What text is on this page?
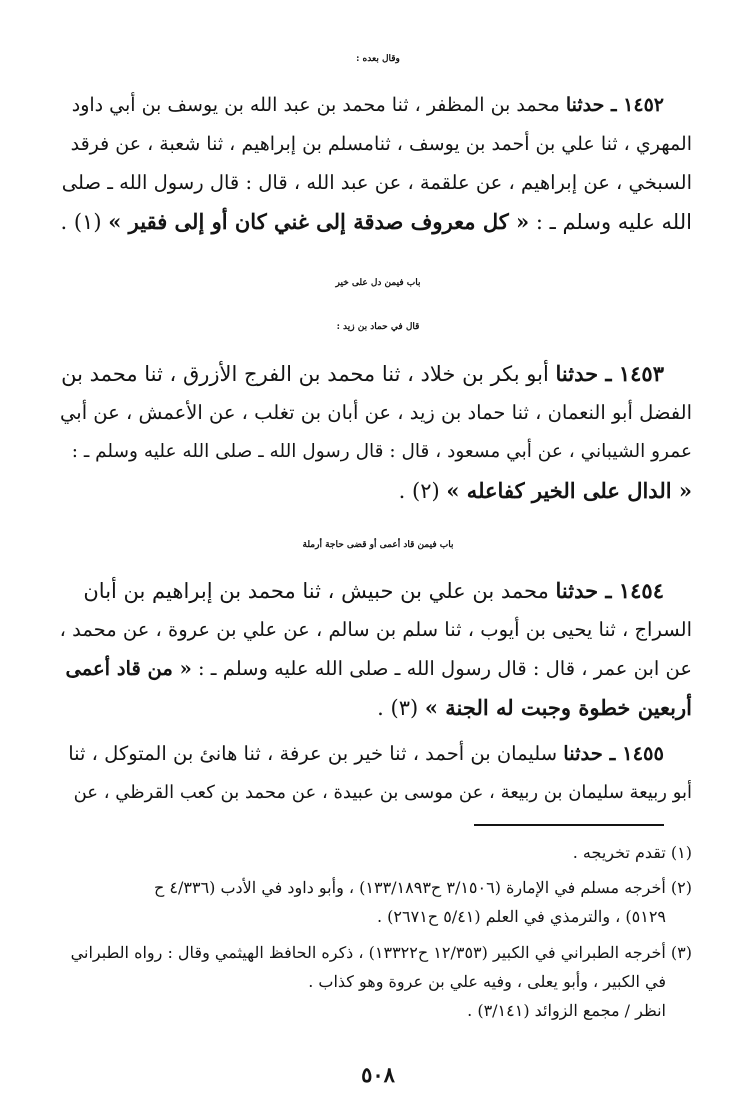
وقال بعده :
١٤٥٢ ـ حدثنا محمد بن المظفر ، ثنا محمد بن عبد الله بن يوسف بن أبي داود
المهري ، ثنا علي بن أحمد بن يوسف ، ثنامسلم بن إبراهيم ، ثنا شعبة ، عن فرقد
السبخي ، عن إبراهيم ، عن علقمة ، عن عبد الله ، قال : قال رسول الله ـ صلى
الله عليه وسلم ـ : « كل معروف صدقة إلى غني كان أو إلى فقير » (١) .
باب فيمن دل على خير
قال في حماد بن زيد :
١٤٥٣ ـ حدثنا أبو بكر بن خلاد ، ثنا محمد بن الفرج الأزرق ، ثنا محمد بن
الفضل أبو النعمان ، ثنا حماد بن زيد ، عن أبان بن تغلب ، عن الأعمش ، عن أبي
عمرو الشيباني ، عن أبي مسعود ، قال : قال رسول الله ـ صلى الله عليه وسلم ـ :
« الدال على الخير كفاعله » (٢) .
باب فيمن قاد أعمى أو قضى حاجة أرملة
١٤٥٤ ـ حدثنا محمد بن علي بن حبيش ، ثنا محمد بن إبراهيم بن أبان
السراج ، ثنا يحيى بن أيوب ، ثنا سلم بن سالم ، عن علي بن عروة ، عن محمد ،
عن ابن عمر ، قال : قال رسول الله ـ صلى الله عليه وسلم ـ : « من قاد أعمى
أربعين خطوة وجبت له الجنة » (٣) .
١٤٥٥ ـ حدثنا سليمان بن أحمد ، ثنا خير بن عرفة ، ثنا هانئ بن المتوكل ، ثنا
أبو ربيعة سليمان بن ربيعة ، عن موسى بن عبيدة ، عن محمد بن كعب القرظي ، عن
(١) تقدم تخريجه .
(٢) أخرجه مسلم في الإمارة (٣/١٥٠٦ ح١٣٣/١٨٩٣) ، وأبو داود في الأدب (٤/٣٣٦ ح
٥١٢٩) ، والترمذي في العلم (٥/٤١ ح٢٦٧١) .
(٣) أخرجه الطبراني في الكبير (١٢/٣٥٣ ح١٣٣٢٢) ، ذكره الحافظ الهيثمي وقال : رواه الطبراني
في الكبير ، وأبو يعلى ، وفيه علي بن عروة وهو كذاب .
انظر / مجمع الزوائد (٣/١٤١) .
٥٠٨
